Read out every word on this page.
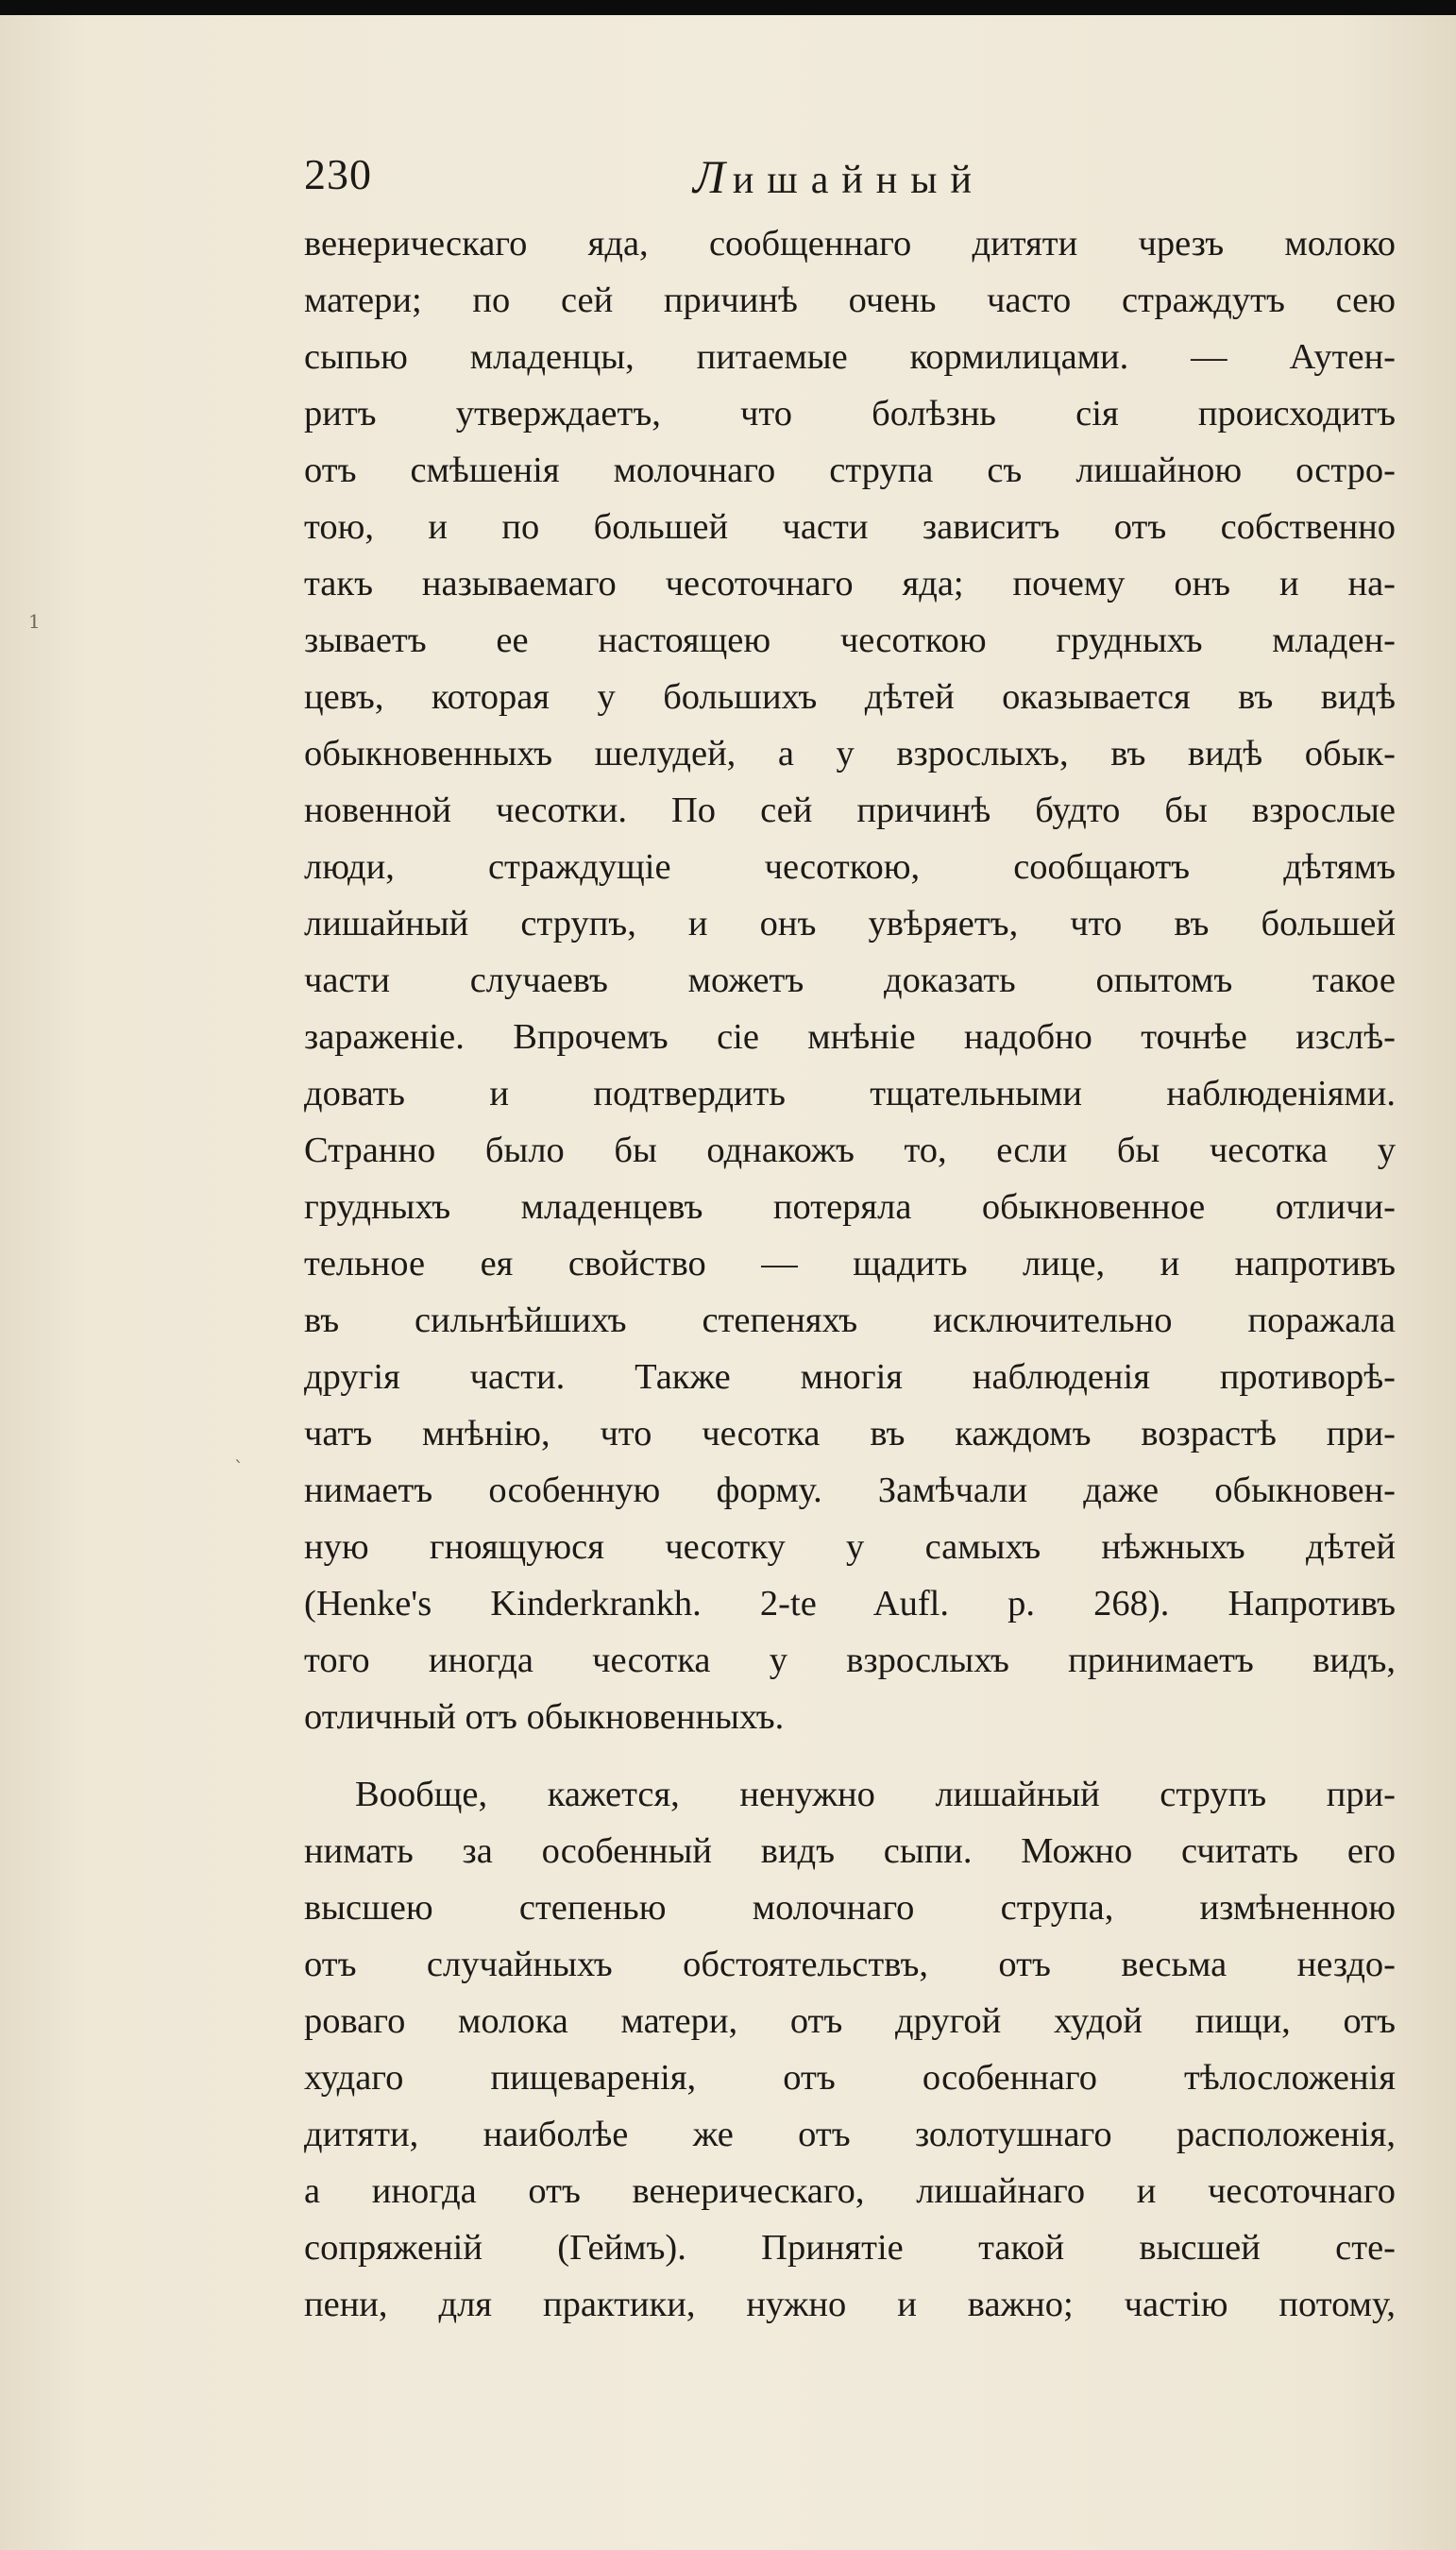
230	Лишайный
1
ˋ
венерическаго яда, сообщеннаго дитяти чрезъ молоко
матери; по сей причинѣ очень часто страждутъ сею
сыпью младенцы, питаемые кормилицами. — Аутен-
ритъ утверждаетъ, что болѣзнь сія происходитъ
отъ смѣшенія молочнаго струпа съ лишайною остро-
тою, и по большей части зависитъ отъ собственно
такъ называемаго чесоточнаго яда; почему онъ и на-
зываетъ ее настоящею чесоткою грудныхъ младен-
цевъ, которая у большихъ дѣтей оказывается въ видѣ
обыкновенныхъ шелудей, а у взрослыхъ, въ видѣ обык-
новенной чесотки. По сей причинѣ будто бы взрослые
люди, страждущіе чесоткою, сообщаютъ дѣтямъ
лишайный струпъ, и онъ увѣряетъ, что въ большей
части случаевъ можетъ доказать опытомъ такое
зараженіе. Впрочемъ сіе мнѣніе надобно точнѣе изслѣ-
довать и подтвердить тщательными наблюденіями.
Странно было бы однакожъ то, если бы чесотка у
грудныхъ младенцевъ потеряла обыкновенное отличи-
тельное ея свойство — щадить лице, и напротивъ
въ сильнѣйшихъ степеняхъ исключительно поражала
другія части. Также многія наблюденія противорѣ-
чатъ мнѣнію, что чесотка въ каждомъ возрастѣ при-
нимаетъ особенную форму. Замѣчали даже обыкновен-
ную гноящуюся чесотку у самыхъ нѣжныхъ дѣтей
(Henke's Kinderkrankh. 2-te Aufl. p. 268). Напротивъ
того иногда чесотка у взрослыхъ принимаетъ видъ,
отличный отъ обыкновенныхъ.
Вообще, кажется, ненужно лишайный струпъ при-
нимать за особенный видъ сыпи. Можно считать его
высшею степенью молочнаго струпа, измѣненною
отъ случайныхъ обстоятельствъ, отъ весьма нездо-
роваго молока матери, отъ другой худой пищи, отъ
худаго пищеваренія, отъ особеннаго тѣлосложенія
дитяти, наиболѣе же отъ золотушнаго расположенія,
а иногда отъ венерическаго, лишайнаго и чесоточнаго
сопряженій (Геймъ). Принятіе такой высшей сте-
пени, для практики, нужно и важно; частію потому,
